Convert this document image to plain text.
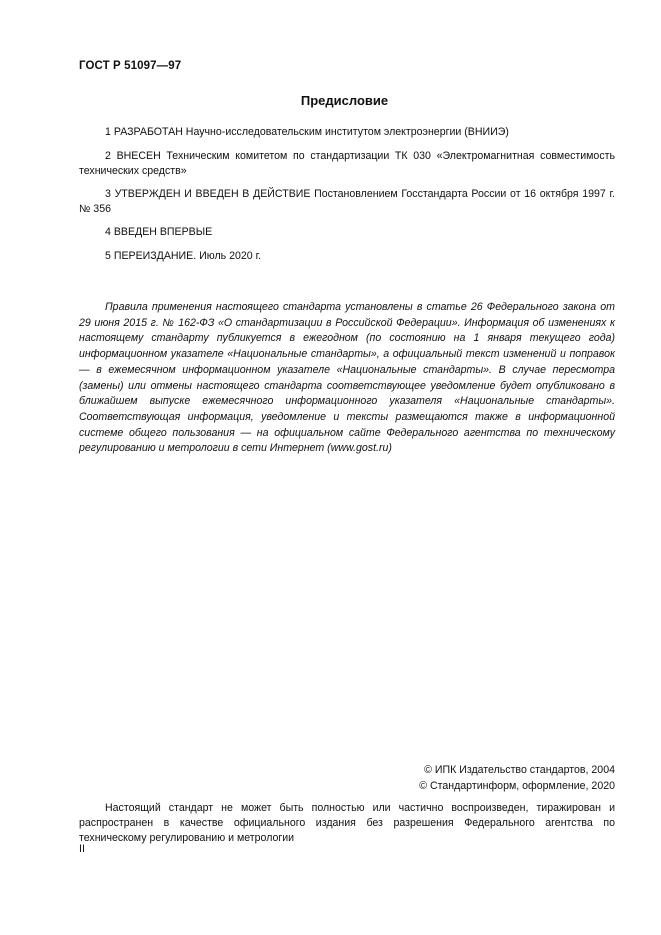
ГОСТ Р 51097—97
Предисловие
1 РАЗРАБОТАН Научно-исследовательским институтом электроэнергии (ВНИИЭ)
2 ВНЕСЕН Техническим комитетом по стандартизации ТК 030 «Электромагнитная совместимость технических средств»
3 УТВЕРЖДЕН И ВВЕДЕН В ДЕЙСТВИЕ Постановлением Госстандарта России от 16 октября 1997 г. № 356
4 ВВЕДЕН ВПЕРВЫЕ
5 ПЕРЕИЗДАНИЕ. Июль 2020 г.
Правила применения настоящего стандарта установлены в статье 26 Федерального закона от 29 июня 2015 г. № 162-ФЗ «О стандартизации в Российской Федерации». Информация об изменениях к настоящему стандарту публикуется в ежегодном (по состоянию на 1 января текущего года) информационном указателе «Национальные стандарты», а официальный текст изменений и поправок — в ежемесячном информационном указателе «Национальные стандарты». В случае пересмотра (замены) или отмены настоящего стандарта соответствующее уведомление будет опубликовано в ближайшем выпуске ежемесячного информационного указателя «Национальные стандарты». Соответствующая информация, уведомление и тексты размещаются также в информационной системе общего пользования — на официальном сайте Федерального агентства по техническому регулированию и метрологии в сети Интернет (www.gost.ru)
© ИПК Издательство стандартов, 2004
© Стандартинформ, оформление, 2020
Настоящий стандарт не может быть полностью или частично воспроизведен, тиражирован и распространен в качестве официального издания без разрешения Федерального агентства по техническому регулированию и метрологии
II
